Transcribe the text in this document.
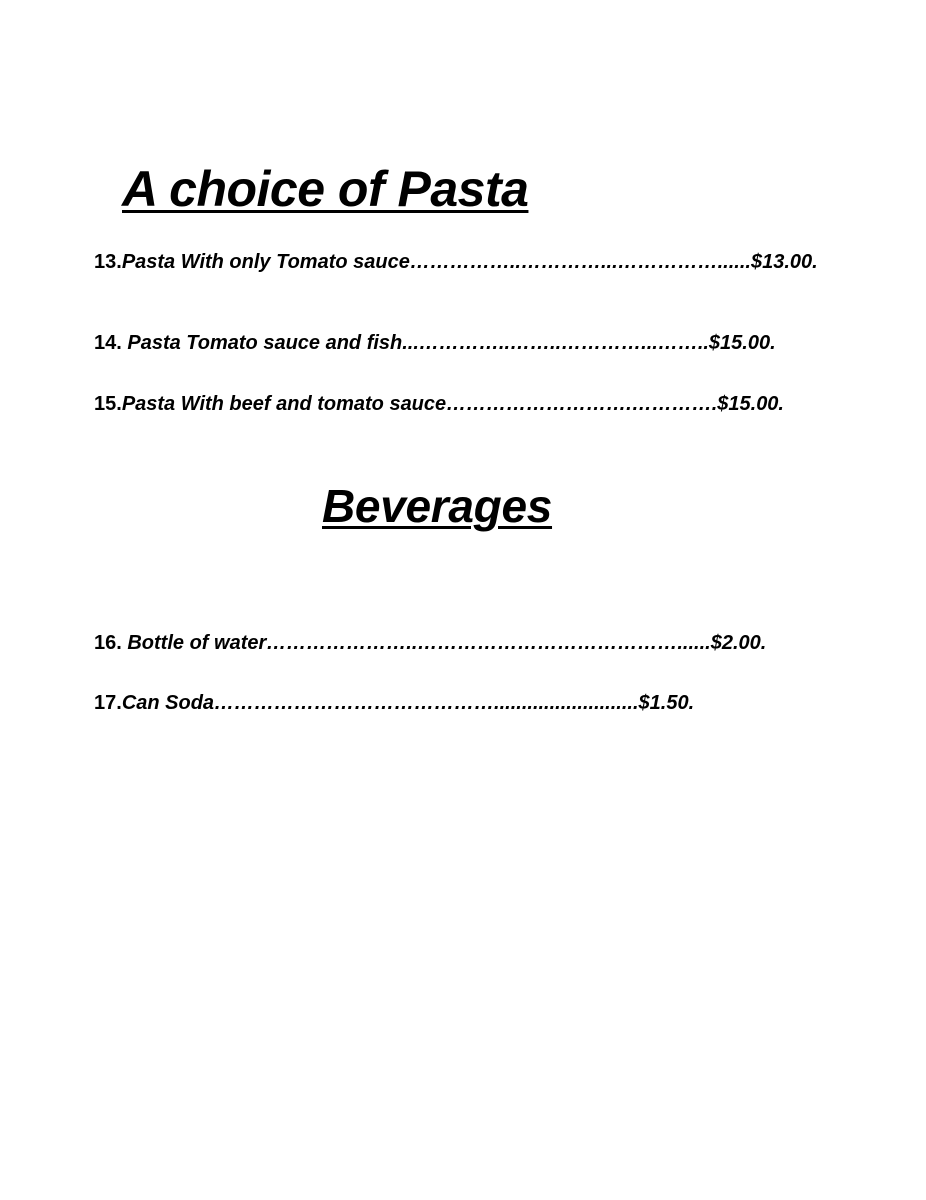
A choice of Pasta

13.Pasta With only Tomato sauce……………..…………...……………......$13.00.

14. Pasta Tomato sauce and fish...…………..……..…………...……..$15.00.

15.Pasta With beef and tomato sauce……………………….………….$15.00.

Beverages

16. Bottle of water…………………..…………………………………......$2.00.

17.Can Soda……………………………………..........................$1.50.
